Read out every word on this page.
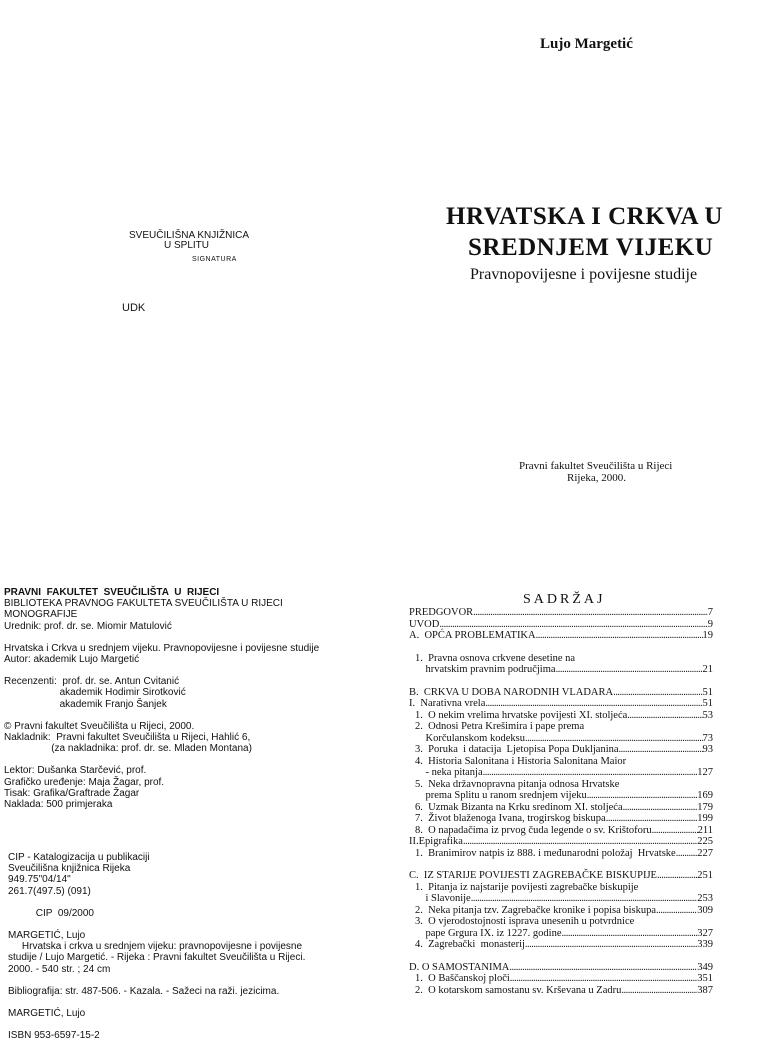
Lujo Margetić
HRVATSKA I CRKVA U
SREDNJEM VIJEKU
Pravnopovijesne i povijesne studije
Pravni fakultet Sveučilišta u Rijeci
Rijeka, 2000.
SVEUČILIŠNA KNJIŽNICA
U SPLITU
SIGNATURA
UDK
PRAVNI  FAKULTET  SVEUČILIŠTA  U  RIJECI
BIBLIOTEKA PRAVNOG FAKULTETA SVEUČILIŠTA U RIJECI
MONOGRAFIJE
Urednik: prof. dr. se. Miomir Matulović
Hrvatska i Crkva u srednjem vijeku. Pravnopovijesne i povijesne studije
Autor: akademik Lujo Margetić
Recenzenti:  prof. dr. se. Antun Cvitanić
akademik Hodimir Sirotković
akademik Franjo Šanjek
© Pravni fakultet Sveučilišta u Rijeci, 2000.
Nakladnik:  Pravni fakultet Sveučilišta u Rijeci, Hahlić 6,
(za nakladnika: prof. dr. se. Mladen Montana)
Lektor: Dušanka Starčević, prof.
Grafičko uređenje: Maja Žagar, prof.
Tisak: Grafika/Graftrade Žagar
Naklada: 500 primjeraka
CIP - Katalogizacija u publikaciji
Sveučilišna knjižnica Rijeka
949.75"04/14"
261.7(497.5) (091)
CIP  09/2000
MARGETIĆ, Lujo
Hrvatska i crkva u srednjem vijeku: pravnopovijesne i povijesne
studije / Lujo Margetić. - Rijeka : Pravni fakultet Sveučilišta u Rijeci.
2000. - 540 str. ; 24 cm
Bibliografija: str. 487-506. - Kazala. - Sažeci na raži. jezicima.
MARGETIĆ, Lujo
ISBN 953-6597-15-2
SADRŽAJ
PREDGOVOR .....	7
UVOD .....	9
A.  OPĆA PROBLEMATIKA .....	19
1.  Pravna osnova crkvene desetine na
hrvatskim pravnim područjima .....	21
B.  CRKVA U DOBA NARODNIH VLADARA .....	51
I.  Narativna vrela .....	51
1.  O nekim vrelima hrvatske povijesti XI. stoljeća .....	53
2.  Odnosi Petra Krešimira i pape prema
Korčulanskom kodeksu .....	73
3.  Poruka  i datacija  Ljetopisa Popa Dukljanina .....	93
4.  Historia Salonitana i Historia Salonitana Maior
- neka pitanja .....	127
5.  Neka državnopravna pitanja odnosa Hrvatske
prema Splitu u ranom srednjem vijeku .....	169
6.  Uzmak Bizanta na Krku sredinom XI. stoljeća .....	179
7.  Život blaženoga Ivana, trogirskog biskupa .....	199
8.  O napadačima iz prvog čuda legende o sv. Krištoforu .....	211
II.Epigrafika .....	225
1.  Branimirov natpis iz 888. i međunarodni položaj  Hrvatske ..... 227
C.  IZ STARIJE POVIJESTI ZAGREBAČKE BISKUPIJE .....	251
1.  Pitanja iz najstarije povijesti zagrebačke biskupije
i Slavonije .....	253
2.  Neka pitanja tzv. Zagrebačke kronike i popisa biskupa .....	309
3.  O vjerodostojnosti isprava unesenih u potvrdnice
pape Grgura IX. iz 1227. godine .....	327
4.  Zagrebački  monasterij .....	339
D. O SAMOSTANIMA .....	349
1.  O Baščanskoj ploči .....	351
2.  O kotarskom samostanu sv. Krševana u Zadru .....	387
